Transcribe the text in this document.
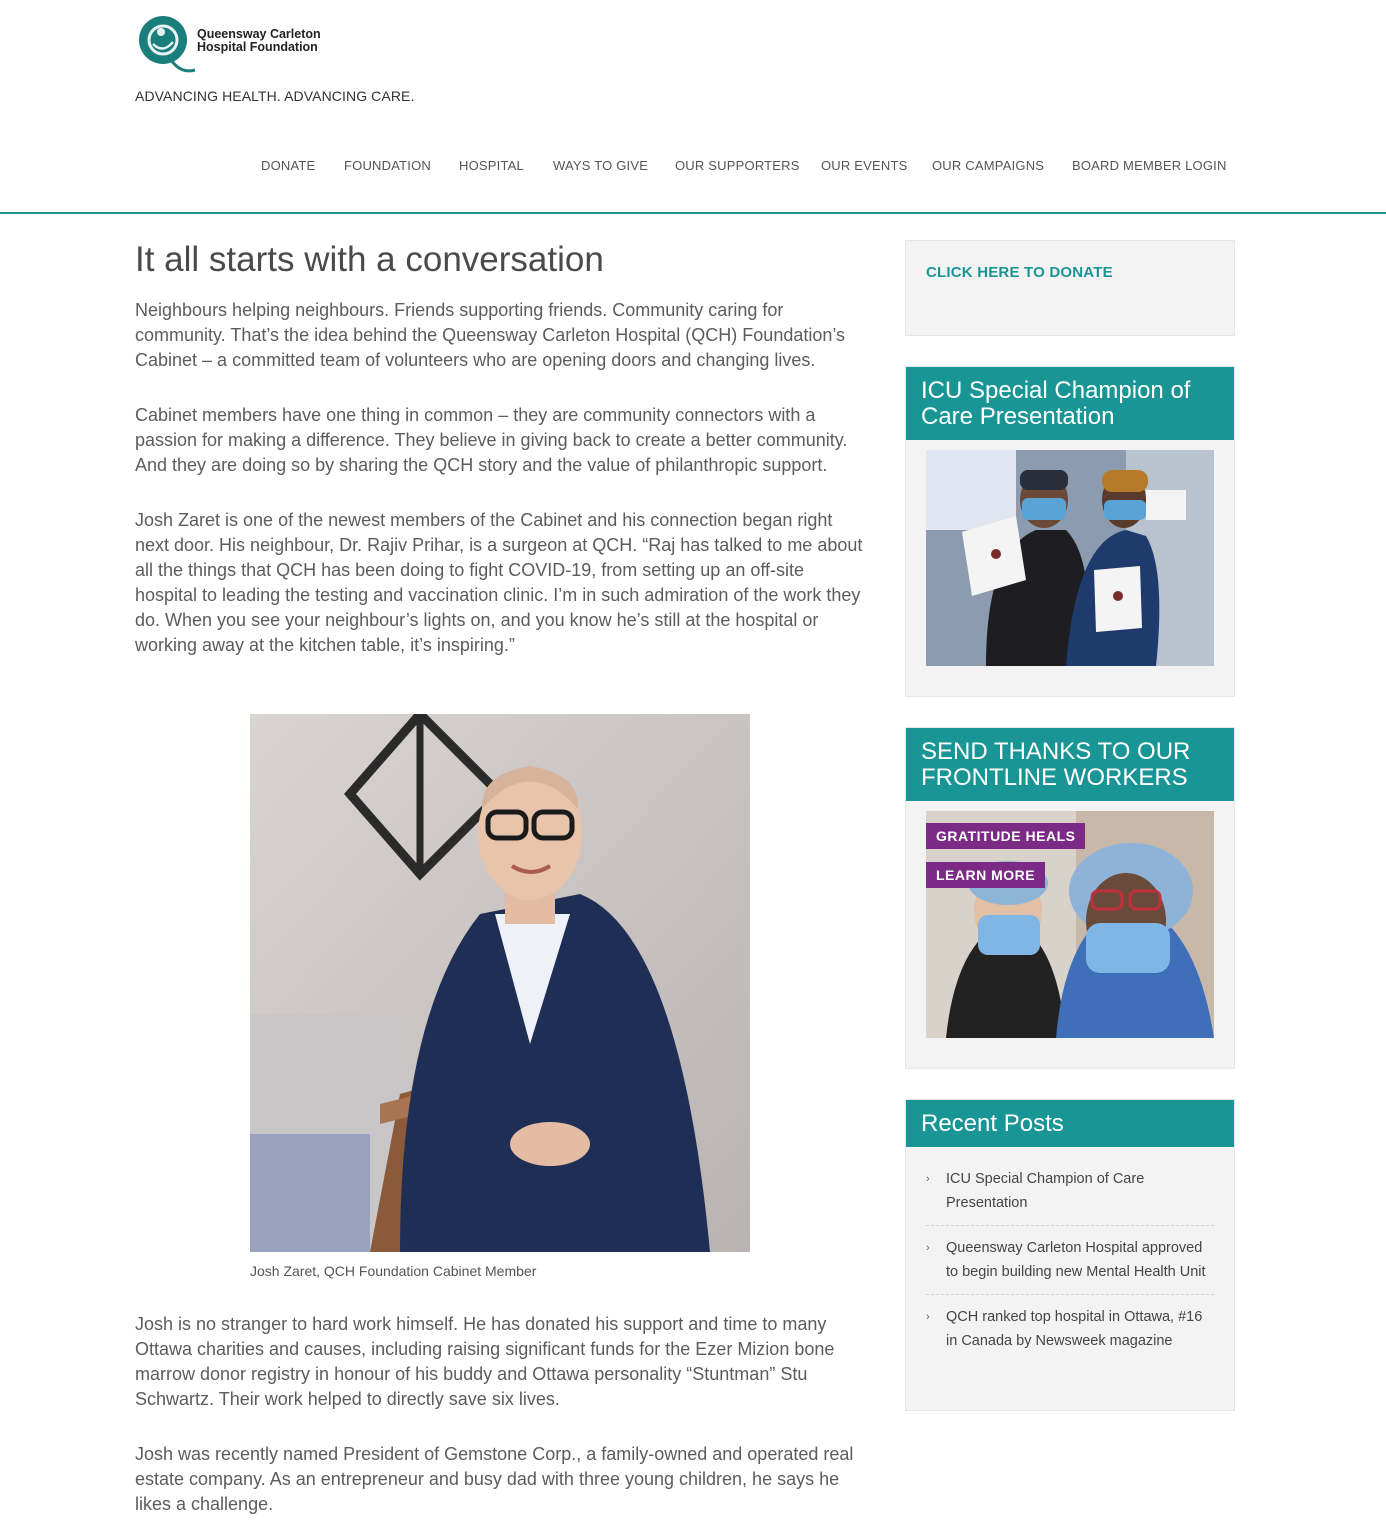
Queensway Carleton
Hospital Foundation
ADVANCING HEALTH. ADVANCING CARE.
DONATE FOUNDATION HOSPITAL WAYS TO GIVE OUR SUPPORTERS OUR EVENTS OUR CAMPAIGNS BOARD MEMBER LOGIN
It all starts with a conversation

Neighbours helping neighbours. Friends supporting friends. Community caring for community. That’s the idea behind the Queensway Carleton Hospital (QCH) Foundation’s Cabinet – a committed team of volunteers who are opening doors and changing lives.

Cabinet members have one thing in common – they are community connectors with a passion for making a difference. They believe in giving back to create a better community. And they are doing so by sharing the QCH story and the value of philanthropic support.

Josh Zaret is one of the newest members of the Cabinet and his connection began right next door. His neighbour, Dr. Rajiv Prihar, is a surgeon at QCH. “Raj has talked to me about all the things that QCH has been doing to fight COVID-19, from setting up an off-site hospital to leading the testing and vaccination clinic. I’m in such admiration of the work they do. When you see your neighbour’s lights on, and you know he’s still at the hospital or working away at the kitchen table, it’s inspiring.”

Josh Zaret, QCH Foundation Cabinet Member

Josh is no stranger to hard work himself. He has donated his support and time to many Ottawa charities and causes, including raising significant funds for the Ezer Mizion bone marrow donor registry in honour of his buddy and Ottawa personality “Stuntman” Stu Schwartz. Their work helped to directly save six lives.

Josh was recently named President of Gemstone Corp., a family-owned and operated real estate company. As an entrepreneur and busy dad with three young children, he says he likes a challenge.

CLICK HERE TO DONATE
ICU Special Champion of Care Presentation
SEND THANKS TO OUR FRONTLINE WORKERS
GRATITUDE HEALS
LEARN MORE
Recent Posts
› ICU Special Champion of Care Presentation
› Queensway Carleton Hospital approved to begin building new Mental Health Unit
› QCH ranked top hospital in Ottawa, #16 in Canada by Newsweek magazine
